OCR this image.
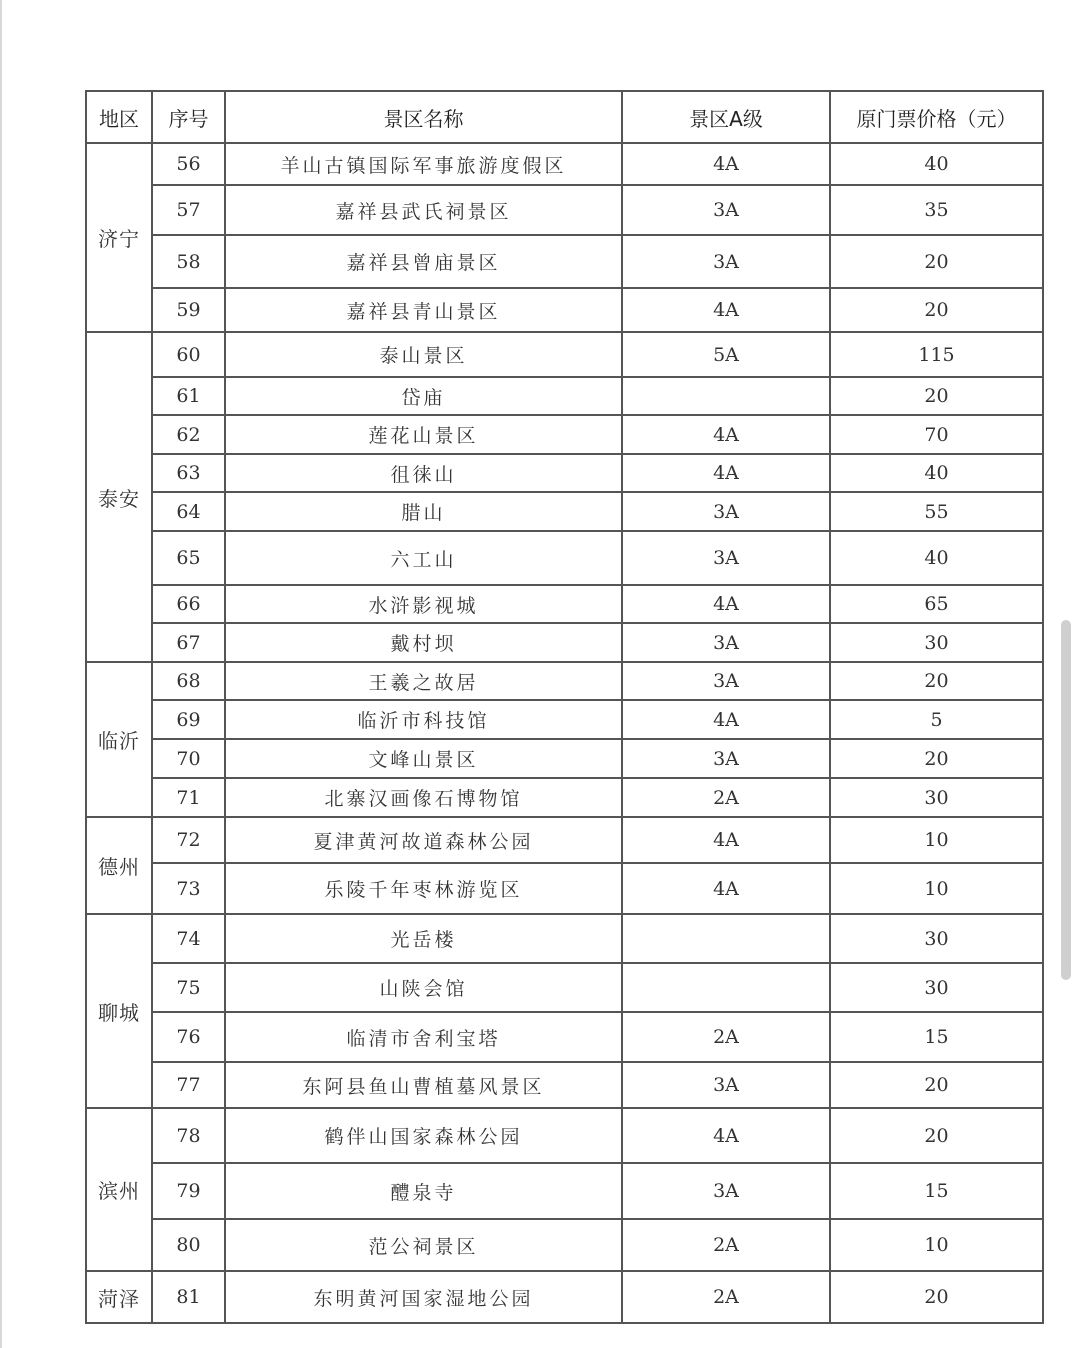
地区	序号	景区名称	景区A级	原门票价格（元）
济宁	56	羊山古镇国际军事旅游度假区	4A	40
	57	嘉祥县武氏祠景区	3A	35
	58	嘉祥县曾庙景区	3A	20
	59	嘉祥县青山景区	4A	20
泰安	60	泰山景区	5A	115
	61	岱庙		20
	62	莲花山景区	4A	70
	63	徂徕山	4A	40
	64	腊山	3A	55
	65	六工山	3A	40
	66	水浒影视城	4A	65
	67	戴村坝	3A	30
临沂	68	王羲之故居	3A	20
	69	临沂市科技馆	4A	5
	70	文峰山景区	3A	20
	71	北寨汉画像石博物馆	2A	30
德州	72	夏津黄河故道森林公园	4A	10
	73	乐陵千年枣林游览区	4A	10
聊城	74	光岳楼		30
	75	山陕会馆		30
	76	临清市舍利宝塔	2A	15
	77	东阿县鱼山曹植墓风景区	3A	20
滨州	78	鹤伴山国家森林公园	4A	20
	79	醴泉寺	3A	15
	80	范公祠景区	2A	10
菏泽	81	东明黄河国家湿地公园	2A	20
